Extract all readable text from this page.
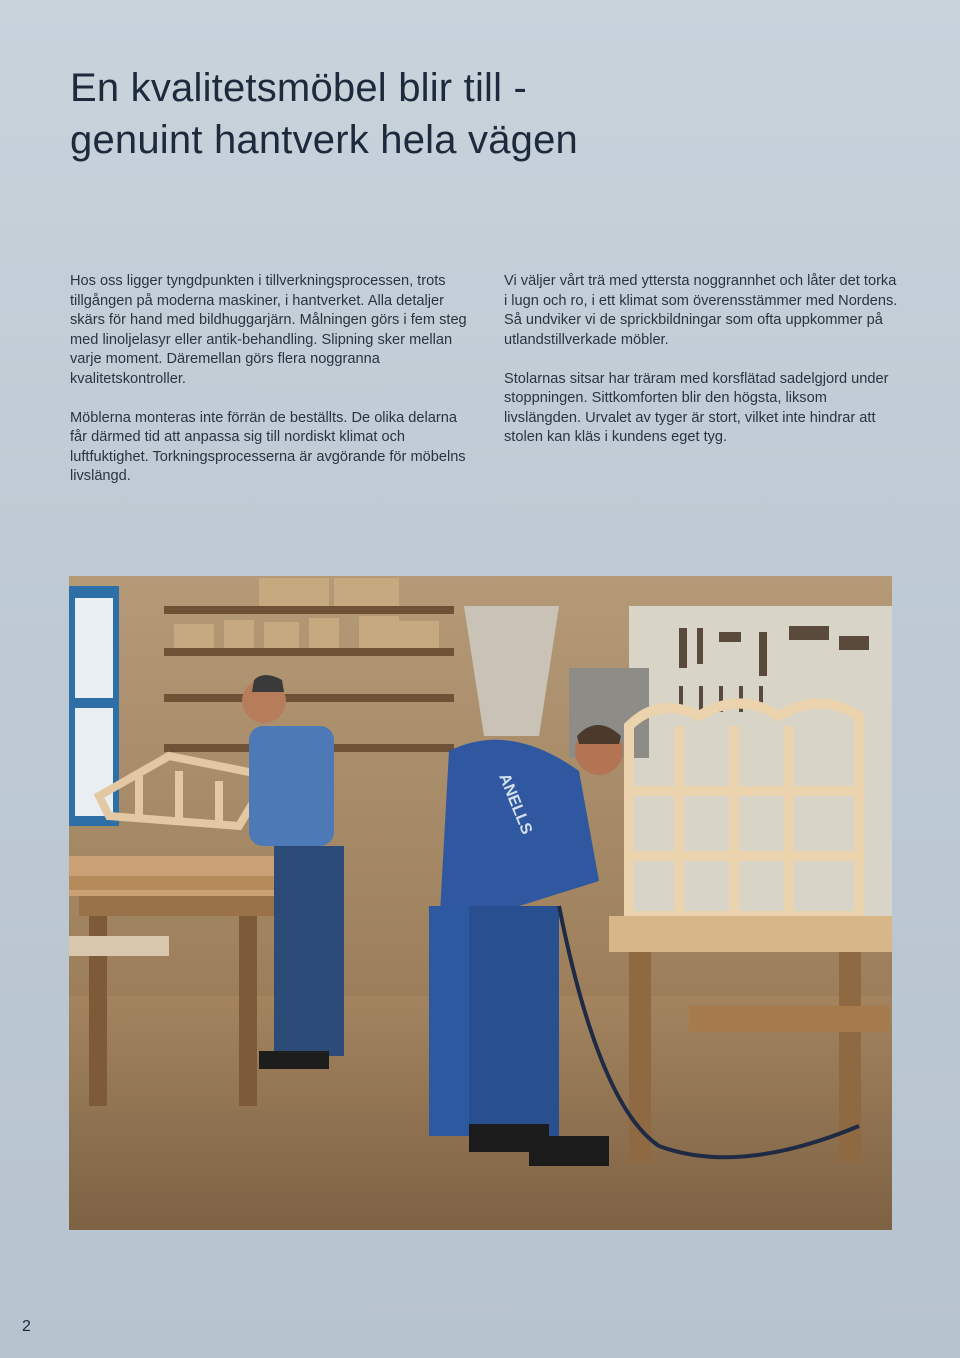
En kvalitetsmöbel blir till -
genuint hantverk hela vägen

Hos oss ligger tyngdpunkten i tillverkningsprocessen, trots tillgången på moderna maskiner, i hantverket. Alla detaljer skärs för hand med bildhuggarjärn. Målningen görs i fem steg med linoljelasyr eller antik-behandling. Slipning sker mellan varje moment. Däremellan görs flera noggranna kvalitetskontroller.

Möblerna monteras inte förrän de beställts. De olika delarna får därmed tid att anpassa sig till nordiskt klimat och luftfuktighet. Torkningsprocesserna är avgörande för möbelns livslängd.

Vi väljer vårt trä med yttersta noggrannhet och låter det torka i lugn och ro, i ett klimat som överensstämmer med Nordens. Så undviker vi de sprickbildningar som ofta uppkommer på utlandstillverkade möbler.

Stolarnas sitsar har träram med korsflätad sadelgjord under stoppningen. Sittkomforten blir den högsta, liksom livslängden. Urvalet av tyger är stort, vilket inte hindrar att stolen kan kläs i kundens eget tyg.

ANELLS
2
